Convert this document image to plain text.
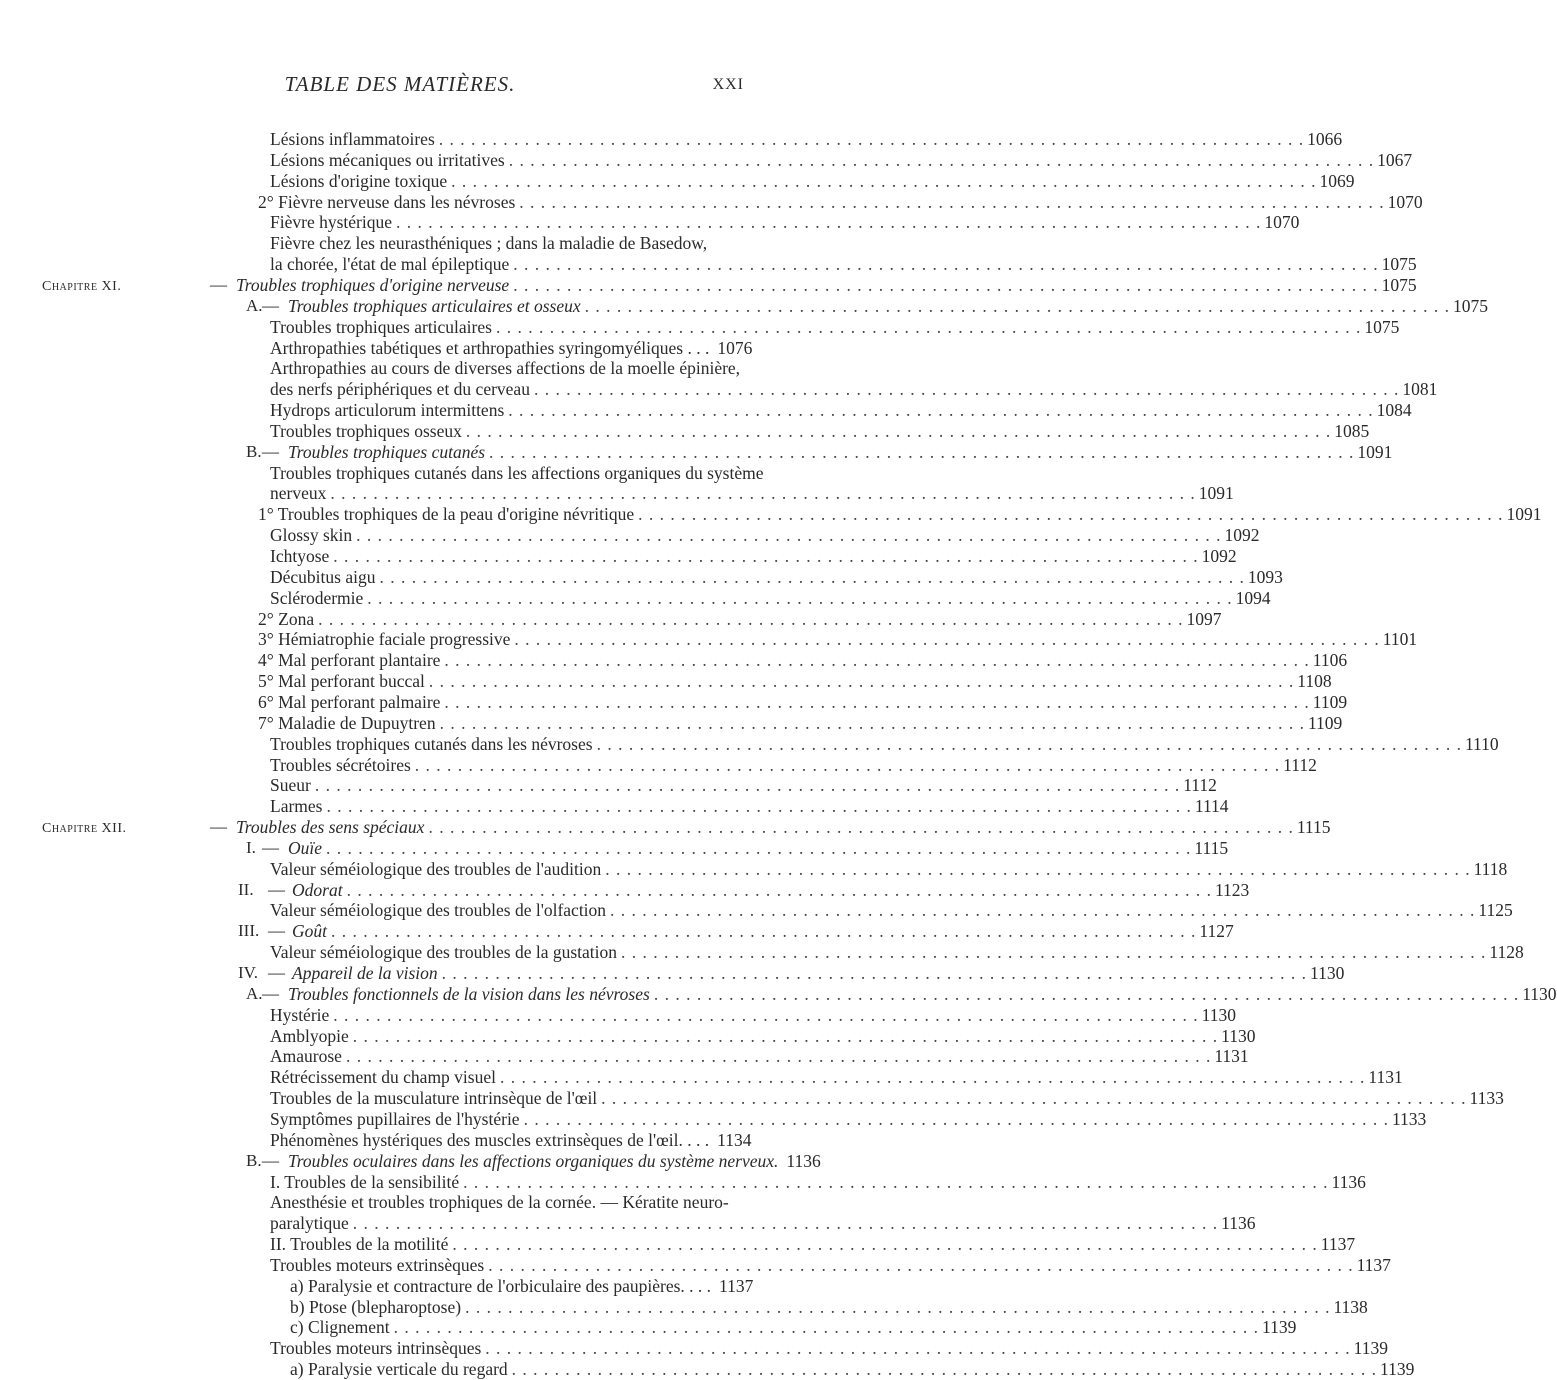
TABLE DES MATIÈRES.	XXI
Lésions inflammatoires . . .	1066
Lésions mécaniques ou irritatives . . .	1067
Lésions d'origine toxique . . .	1069
2° Fièvre nerveuse dans les névroses . . .	1070
Fièvre hystérique . . .	1070
Fièvre chez les neurasthéniques ; dans la maladie de Basedow,
la chorée, l'état de mal épileptique . . .	1075
Chapitre XI.	— Troubles trophiques d'origine nerveuse . . .	1075
A. — Troubles trophiques articulaires et osseux . . .	1075
Troubles trophiques articulaires . . .	1075
Arthropathies tabétiques et arthropathies syringomyéliques . . . 1076
Arthropathies au cours de diverses affections de la moelle épinière,
des nerfs périphériques et du cerveau . . .	1081
Hydrops articulorum intermittens . . .	1084
Troubles trophiques osseux . . .	1085
B. — Troubles trophiques cutanés . . .	1091
Troubles trophiques cutanés dans les affections organiques du système
nerveux . . .	1091
1° Troubles trophiques de la peau d'origine névritique . . .	1091
Glossy skin . . .	1092
Ichtyose . . .	1092
Décubitus aigu . . .	1093
Sclérodermie . . .	1094
2° Zona . . .	1097
3° Hémiatrophie faciale progressive . . .	1101
4° Mal perforant plantaire . . .	1106
5° Mal perforant buccal . . .	1108
6° Mal perforant palmaire . . .	1109
7° Maladie de Dupuytren . . .	1109
Troubles trophiques cutanés dans les névroses . . .	1110
Troubles sécrétoires . . .	1112
Sueur . . .	1112
Larmes . . .	1114
Chapitre XII.	— Troubles des sens spéciaux . . .	1115
I. — Ouïe . . .	1115
Valeur séméiologique des troubles de l'audition . . .	1118
II. — Odorat . . .	1123
Valeur séméiologique des troubles de l'olfaction . . .	1125
III. — Goût . . .	1127
Valeur séméiologique des troubles de la gustation . . .	1128
IV. — Appareil de la vision . . .	1130
A. — Troubles fonctionnels de la vision dans les névroses . . .	1130
Hystérie . . .	1130
Amblyopie . . .	1130
Amaurose . . .	1131
Rétrécissement du champ visuel . . .	1131
Troubles de la musculature intrinsèque de l'œil . . .	1133
Symptômes pupillaires de l'hystérie . . .	1133
Phénomènes hystériques des muscles extrinsèques de l'œil. . . . 1134
B. — Troubles oculaires dans les affections organiques du système nerveux. 1136
I. Troubles de la sensibilité . . .	1136
Anesthésie et troubles trophiques de la cornée. — Kératite neuro-
paralytique . . .	1136
II. Troubles de la motilité . . .	1137
Troubles moteurs extrinsèques . . .	1137
a) Paralysie et contracture de l'orbiculaire des paupières. . . . 1137
b) Ptose (blepharoptose) . . .	1138
c) Clignement . . .	1139
Troubles moteurs intrinsèques . . .	1139
a) Paralysie verticale du regard . . .	1139
